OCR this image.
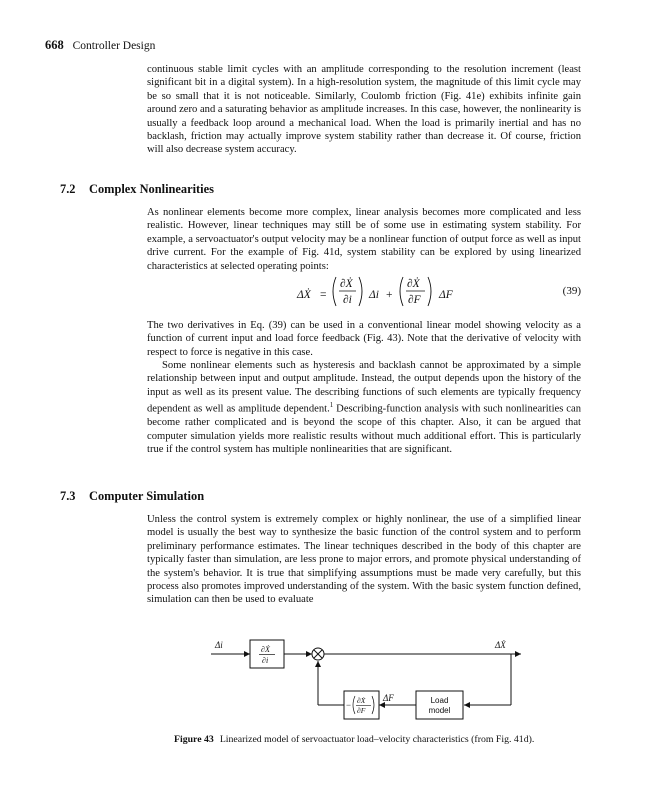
668 Controller Design

continuous stable limit cycles with an amplitude corresponding to the resolution increment (least significant bit in a digital system). In a high-resolution system, the magnitude of this limit cycle may be so small that it is not noticeable. Similarly, Coulomb friction (Fig. 41e) exhibits infinite gain around zero and a saturating behavior as amplitude increases. In this case, however, the nonlinearity is usually a feedback loop around a mechanical load. When the load is primarily inertial and has no backlash, friction may actually improve system stability rather than decrease it. Of course, friction will also decrease system accuracy.

7.2 Complex Nonlinearities

As nonlinear elements become more complex, linear analysis becomes more complicated and less realistic. However, linear techniques may still be of some use in estimating system stability. For example, a servoactuator's output velocity may be a nonlinear function of output force as well as input drive current. For the example of Fig. 41d, system stability can be explored by using linearized characteristics at selected operating points:

ΔẊ =
∂Ẋ
∂i Δi +
∂Ẋ
∂F ΔF	(39)

The two derivatives in Eq. (39) can be used in a conventional linear model showing velocity as a function of current input and load force feedback (Fig. 43). Note that the derivative of velocity with respect to force is negative in this case.

Some nonlinear elements such as hysteresis and backlash cannot be approximated by a simple relationship between input and output amplitude. Instead, the output depends upon the history of the input as well as its present value. The describing functions of such elements are typically frequency dependent as well as amplitude dependent.$^1$ Describing-function analysis with such nonlinearities can become rather complicated and is beyond the scope of this chapter. Also, it can be argued that computer simulation yields more realistic results without much additional effort. This is particularly true if the control system has multiple nonlinearities that are significant.

7.3 Computer Simulation

Unless the control system is extremely complex or highly nonlinear, the use of a simplified linear model is usually the best way to synthesize the basic function of the control system and to perform preliminary performance estimates. The linear techniques described in the body of this chapter are typically faster than simulation, are less prone to major errors, and promote physical understanding of the system's behavior. It is true that simplifying assumptions must be made very carefully, but this process also promotes improved understanding of the system. With the basic system function defined, simulation can then be used to evaluate

Δi	ΔẊ
ΔF
∂Ẋ
∂i
− ∂Ẋ
∂F
Load
model
Figure 43 Linearized model of servoactuator load–velocity characteristics (from Fig. 41d).
